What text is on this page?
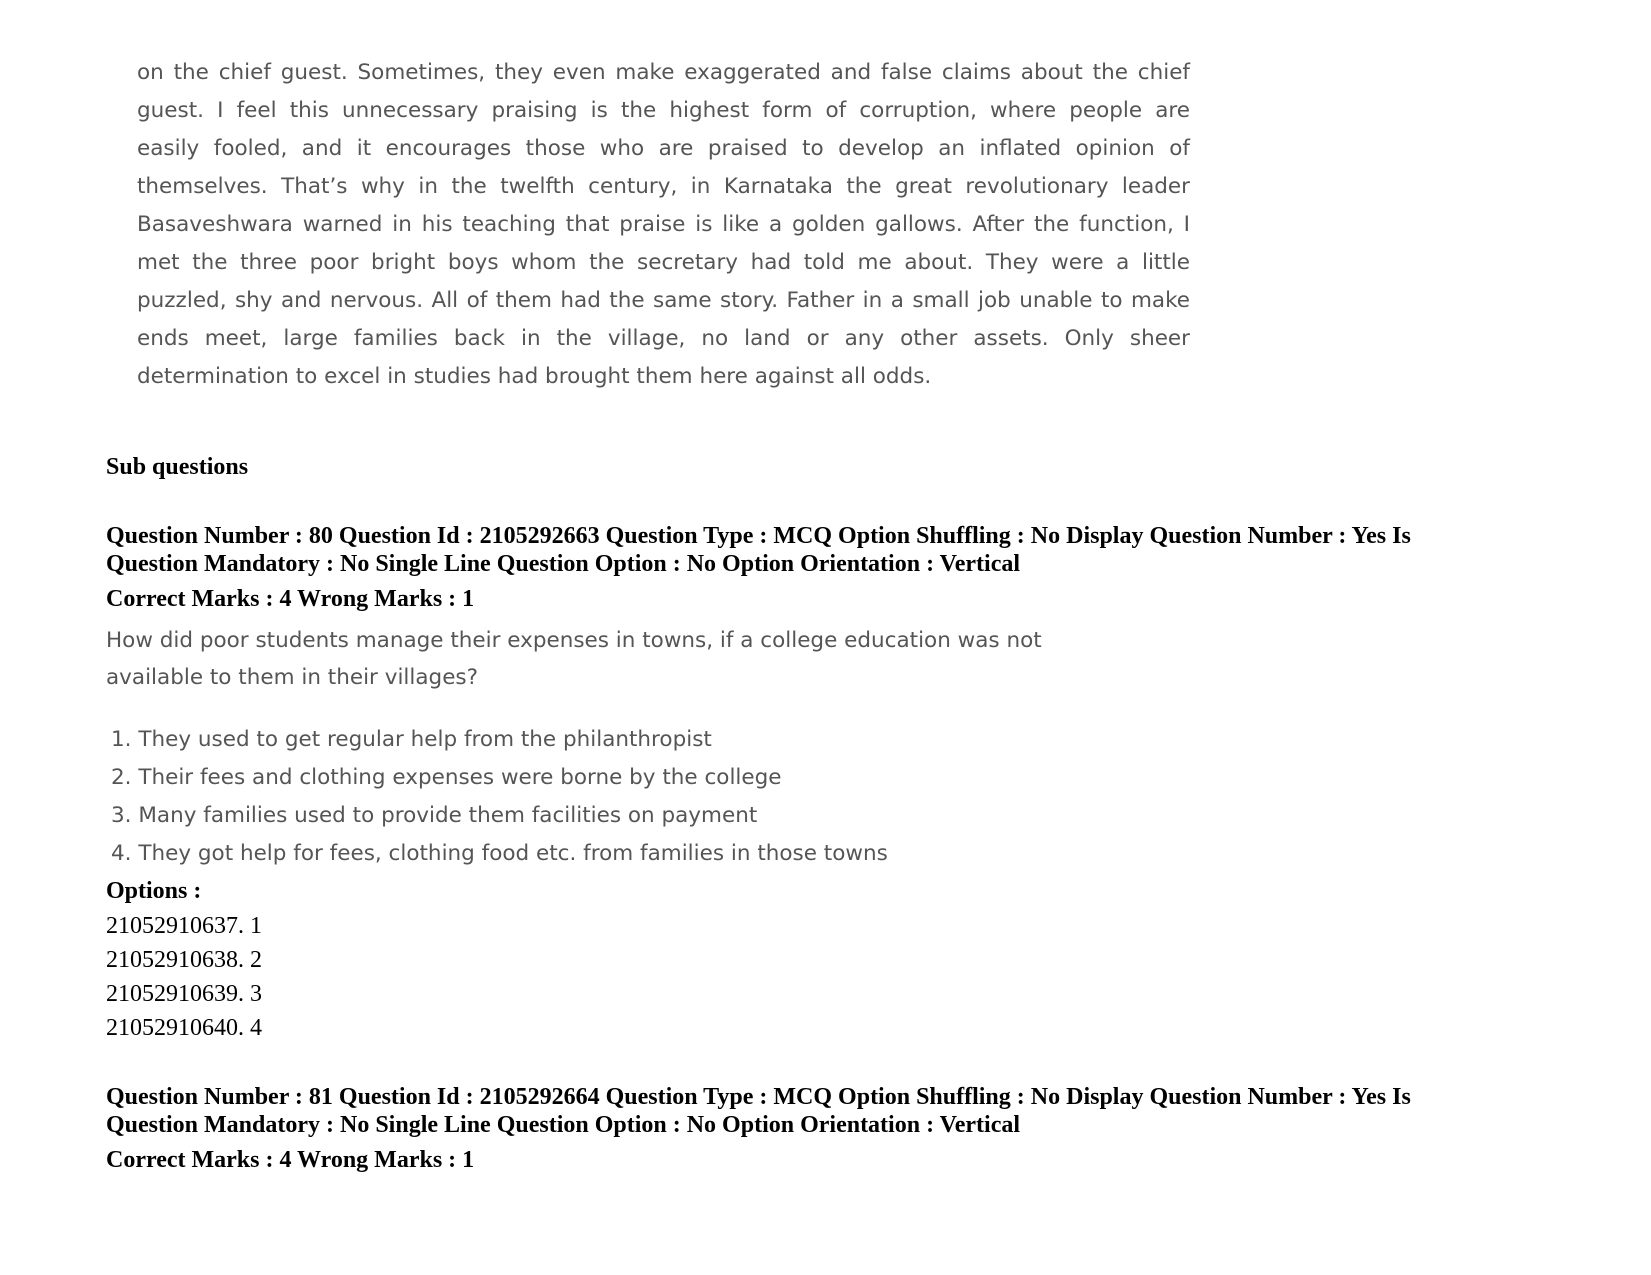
on the chief guest. Sometimes, they even make exaggerated and false claims about the chief
guest. I feel this unnecessary praising is the highest form of corruption, where people are
easily fooled, and it encourages those who are praised to develop an inflated opinion of
themselves. That’s why in the twelfth century, in Karnataka the great revolutionary leader
Basaveshwara warned in his teaching that praise is like a golden gallows. After the function, I
met the three poor bright boys whom the secretary had told me about. They were a little
puzzled, shy and nervous. All of them had the same story. Father in a small job unable to make
ends meet, large families back in the village, no land or any other assets. Only sheer
determination to excel in studies had brought them here against all odds.

Sub questions

Question Number : 80 Question Id : 2105292663 Question Type : MCQ Option Shuffling : No Display Question Number : Yes Is

Question Mandatory : No Single Line Question Option : No Option Orientation : Vertical

Correct Marks : 4 Wrong Marks : 1

How did poor students manage their expenses in towns, if a college education was not

available to them in their villages?

1. They used to get regular help from the philanthropist

2. Their fees and clothing expenses were borne by the college

3. Many families used to provide them facilities on payment

4. They got help for fees, clothing food etc. from families in those towns

Options :

21052910637. 1

21052910638. 2

21052910639. 3

21052910640. 4

Question Number : 81 Question Id : 2105292664 Question Type : MCQ Option Shuffling : No Display Question Number : Yes Is

Question Mandatory : No Single Line Question Option : No Option Orientation : Vertical

Correct Marks : 4 Wrong Marks : 1
